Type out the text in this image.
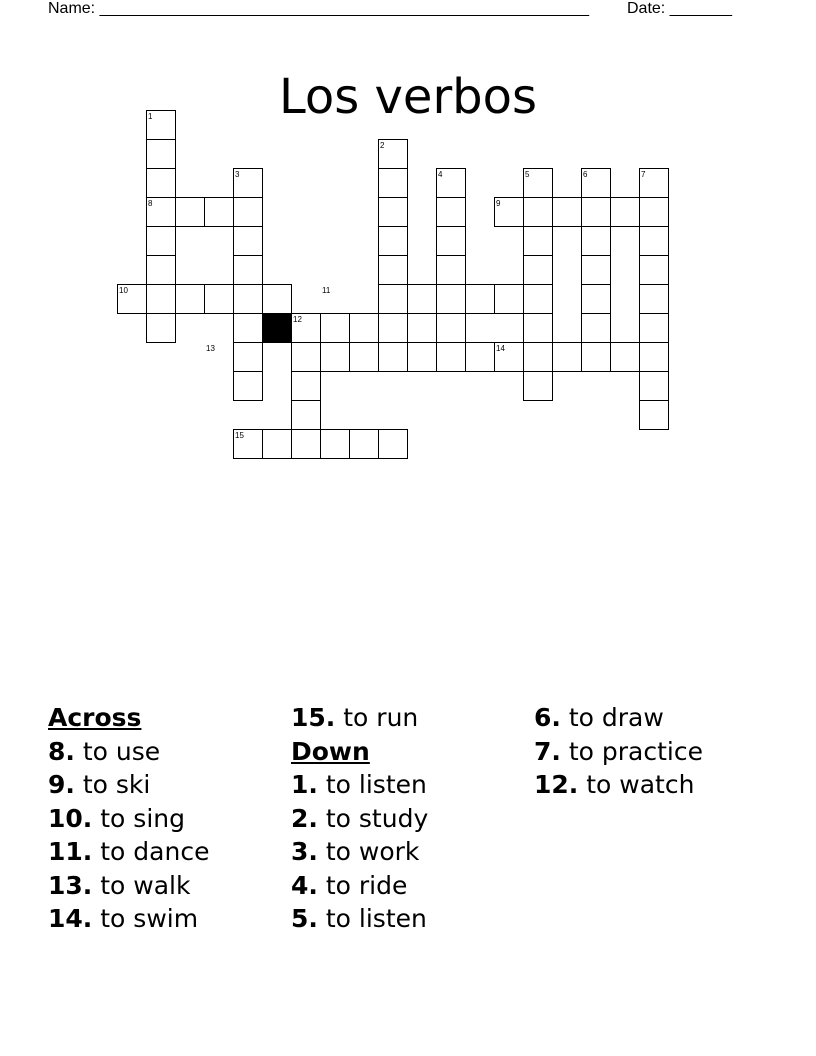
Name: _______________________________________________________ Date: _______
Los verbos
1
2
3	4	5	6	7
8	9
10	11
12
13	14
15
Across
8. to use
9. to ski
10. to sing
11. to dance
13. to walk
14. to swim
15. to run
Down
1. to listen
2. to study
3. to work
4. to ride
5. to listen
6. to draw
7. to practice
12. to watch
